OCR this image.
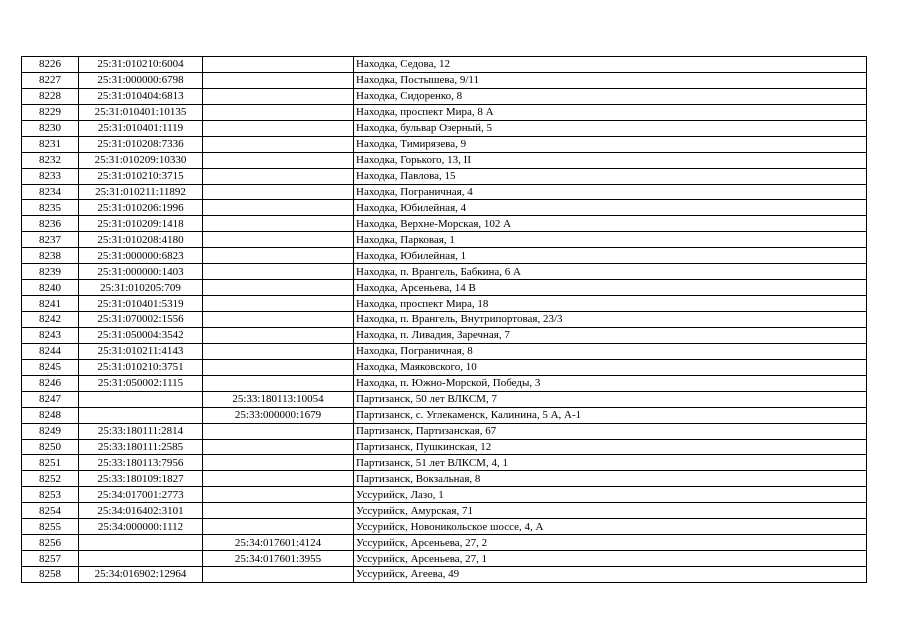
8226	25:31:010210:6004		Находка, Седова, 12
8227	25:31:000000:6798		Находка, Постышева, 9/11
8228	25:31:010404:6813		Находка, Сидоренко, 8
8229	25:31:010401:10135		Находка, проспект Мира, 8 А
8230	25:31:010401:1119		Находка, бульвар Озерный, 5
8231	25:31:010208:7336		Находка, Тимирязева, 9
8232	25:31:010209:10330		Находка, Горького, 13, II
8233	25:31:010210:3715		Находка, Павлова, 15
8234	25:31:010211:11892		Находка, Пограничная, 4
8235	25:31:010206:1996		Находка, Юбилейная, 4
8236	25:31:010209:1418		Находка, Верхне-Морская, 102 А
8237	25:31:010208:4180		Находка, Парковая, 1
8238	25:31:000000:6823		Находка, Юбилейная, 1
8239	25:31:000000:1403		Находка, п. Врангель, Бабкина, 6 А
8240	25:31:010205:709		Находка, Арсеньева, 14 В
8241	25:31:010401:5319		Находка, проспект Мира, 18
8242	25:31:070002:1556		Находка, п. Врангель, Внутрипортовая, 23/3
8243	25:31:050004:3542		Находка, п. Ливадия, Заречная, 7
8244	25:31:010211:4143		Находка, Пограничная, 8
8245	25:31:010210:3751		Находка, Маяковского, 10
8246	25:31:050002:1115		Находка, п. Южно-Морской, Победы, 3
8247		25:33:180113:10054	Партизанск, 50 лет ВЛКСМ, 7
8248		25:33:000000:1679	Партизанск, с. Углекаменск, Калинина, 5 А, А-1
8249	25:33:180111:2814		Партизанск, Партизанская, 67
8250	25:33:180111:2585		Партизанск, Пушкинская, 12
8251	25:33:180113:7956		Партизанск, 51 лет ВЛКСМ, 4, 1
8252	25:33:180109:1827		Партизанск, Вокзальная, 8
8253	25:34:017001:2773		Уссурийск, Лазо, 1
8254	25:34:016402:3101		Уссурийск, Амурская, 71
8255	25:34:000000:1112		Уссурийск, Новоникольское шоссе, 4, А
8256		25:34:017601:4124	Уссурийск, Арсеньева, 27, 2
8257		25:34:017601:3955	Уссурийск, Арсеньева, 27, 1
8258	25:34:016902:12964		Уссурийск, Агеева, 49
